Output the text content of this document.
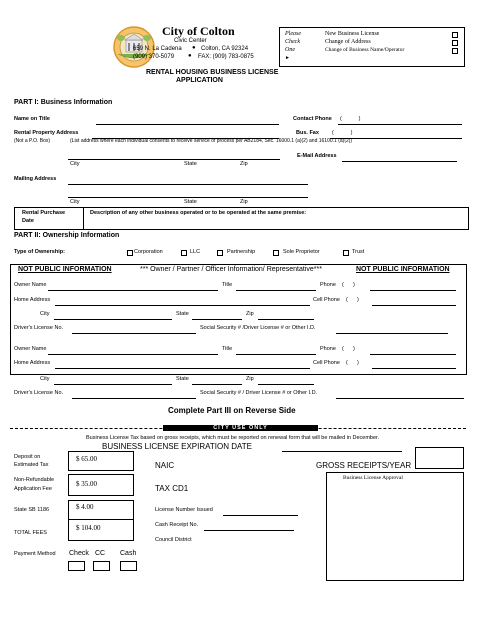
City of Colton
Civic Center
659 N. La Cadena ● Colton, CA 92324
(909) 370-5079 ● FAX: (909) 783-0875
RENTAL HOUSING BUSINESS LICENSE
APPLICATION
Please
Check
One
►
New Business License
Change of Address
Change of Business Name/Operator
PART I: Business Information
Name on Title	Contact Phone (           )
Rental Property Address	Bus. Fax (           )
(Not a P.O. Box)	(List address where each individual consents to receive service of process per AB2184, Sec. 16000.1 (a)(2) and 16100.1 (a)(2))
E-Mail Address
City	State	Zip
Mailing Address
City	State	Zip
Rental Purchase
Date
Description of any other business operated or to be operated at the same premise:
PART II: Ownership Information
Type of Ownership:	Corporation	LLC	Partnership	Sole Proprietor	Trust
NOT PUBLIC INFORMATION	*** Owner / Partner / Officer Information/ Representative***	NOT PUBLIC INFORMATION
Owner Name	Title	Phone (      )
Home Address	Cell Phone (      )
City	State	Zip
Driver's License No.	Social Security # /Driver License # or Other I.D.
Owner Name	Title	Phone (      )
Home Address	Cell Phone (      )
City	State	Zip
Driver's License No.	Social Security # / Driver License # or Other I.D.
Complete Part III on Reverse Side
CITY USE ONLY
Business License Tax based on gross receipts, which must be reported on renewal form that will be mailed in December.
BUSINESS LICENSE EXPIRATION DATE
Deposit on
Estimated Tax
$ 65.00
NAIC	GROSS RECEIPTS/YEAR
Non-Refundable
Application Fee
$ 35.00	TAX CD1
Business License Approval
State SB 1186	$ 4.00	License Number Issued
Cash Receipt No.
TOTAL FEES
$ 104.00
Council District
Payment Method Check CC Cash
